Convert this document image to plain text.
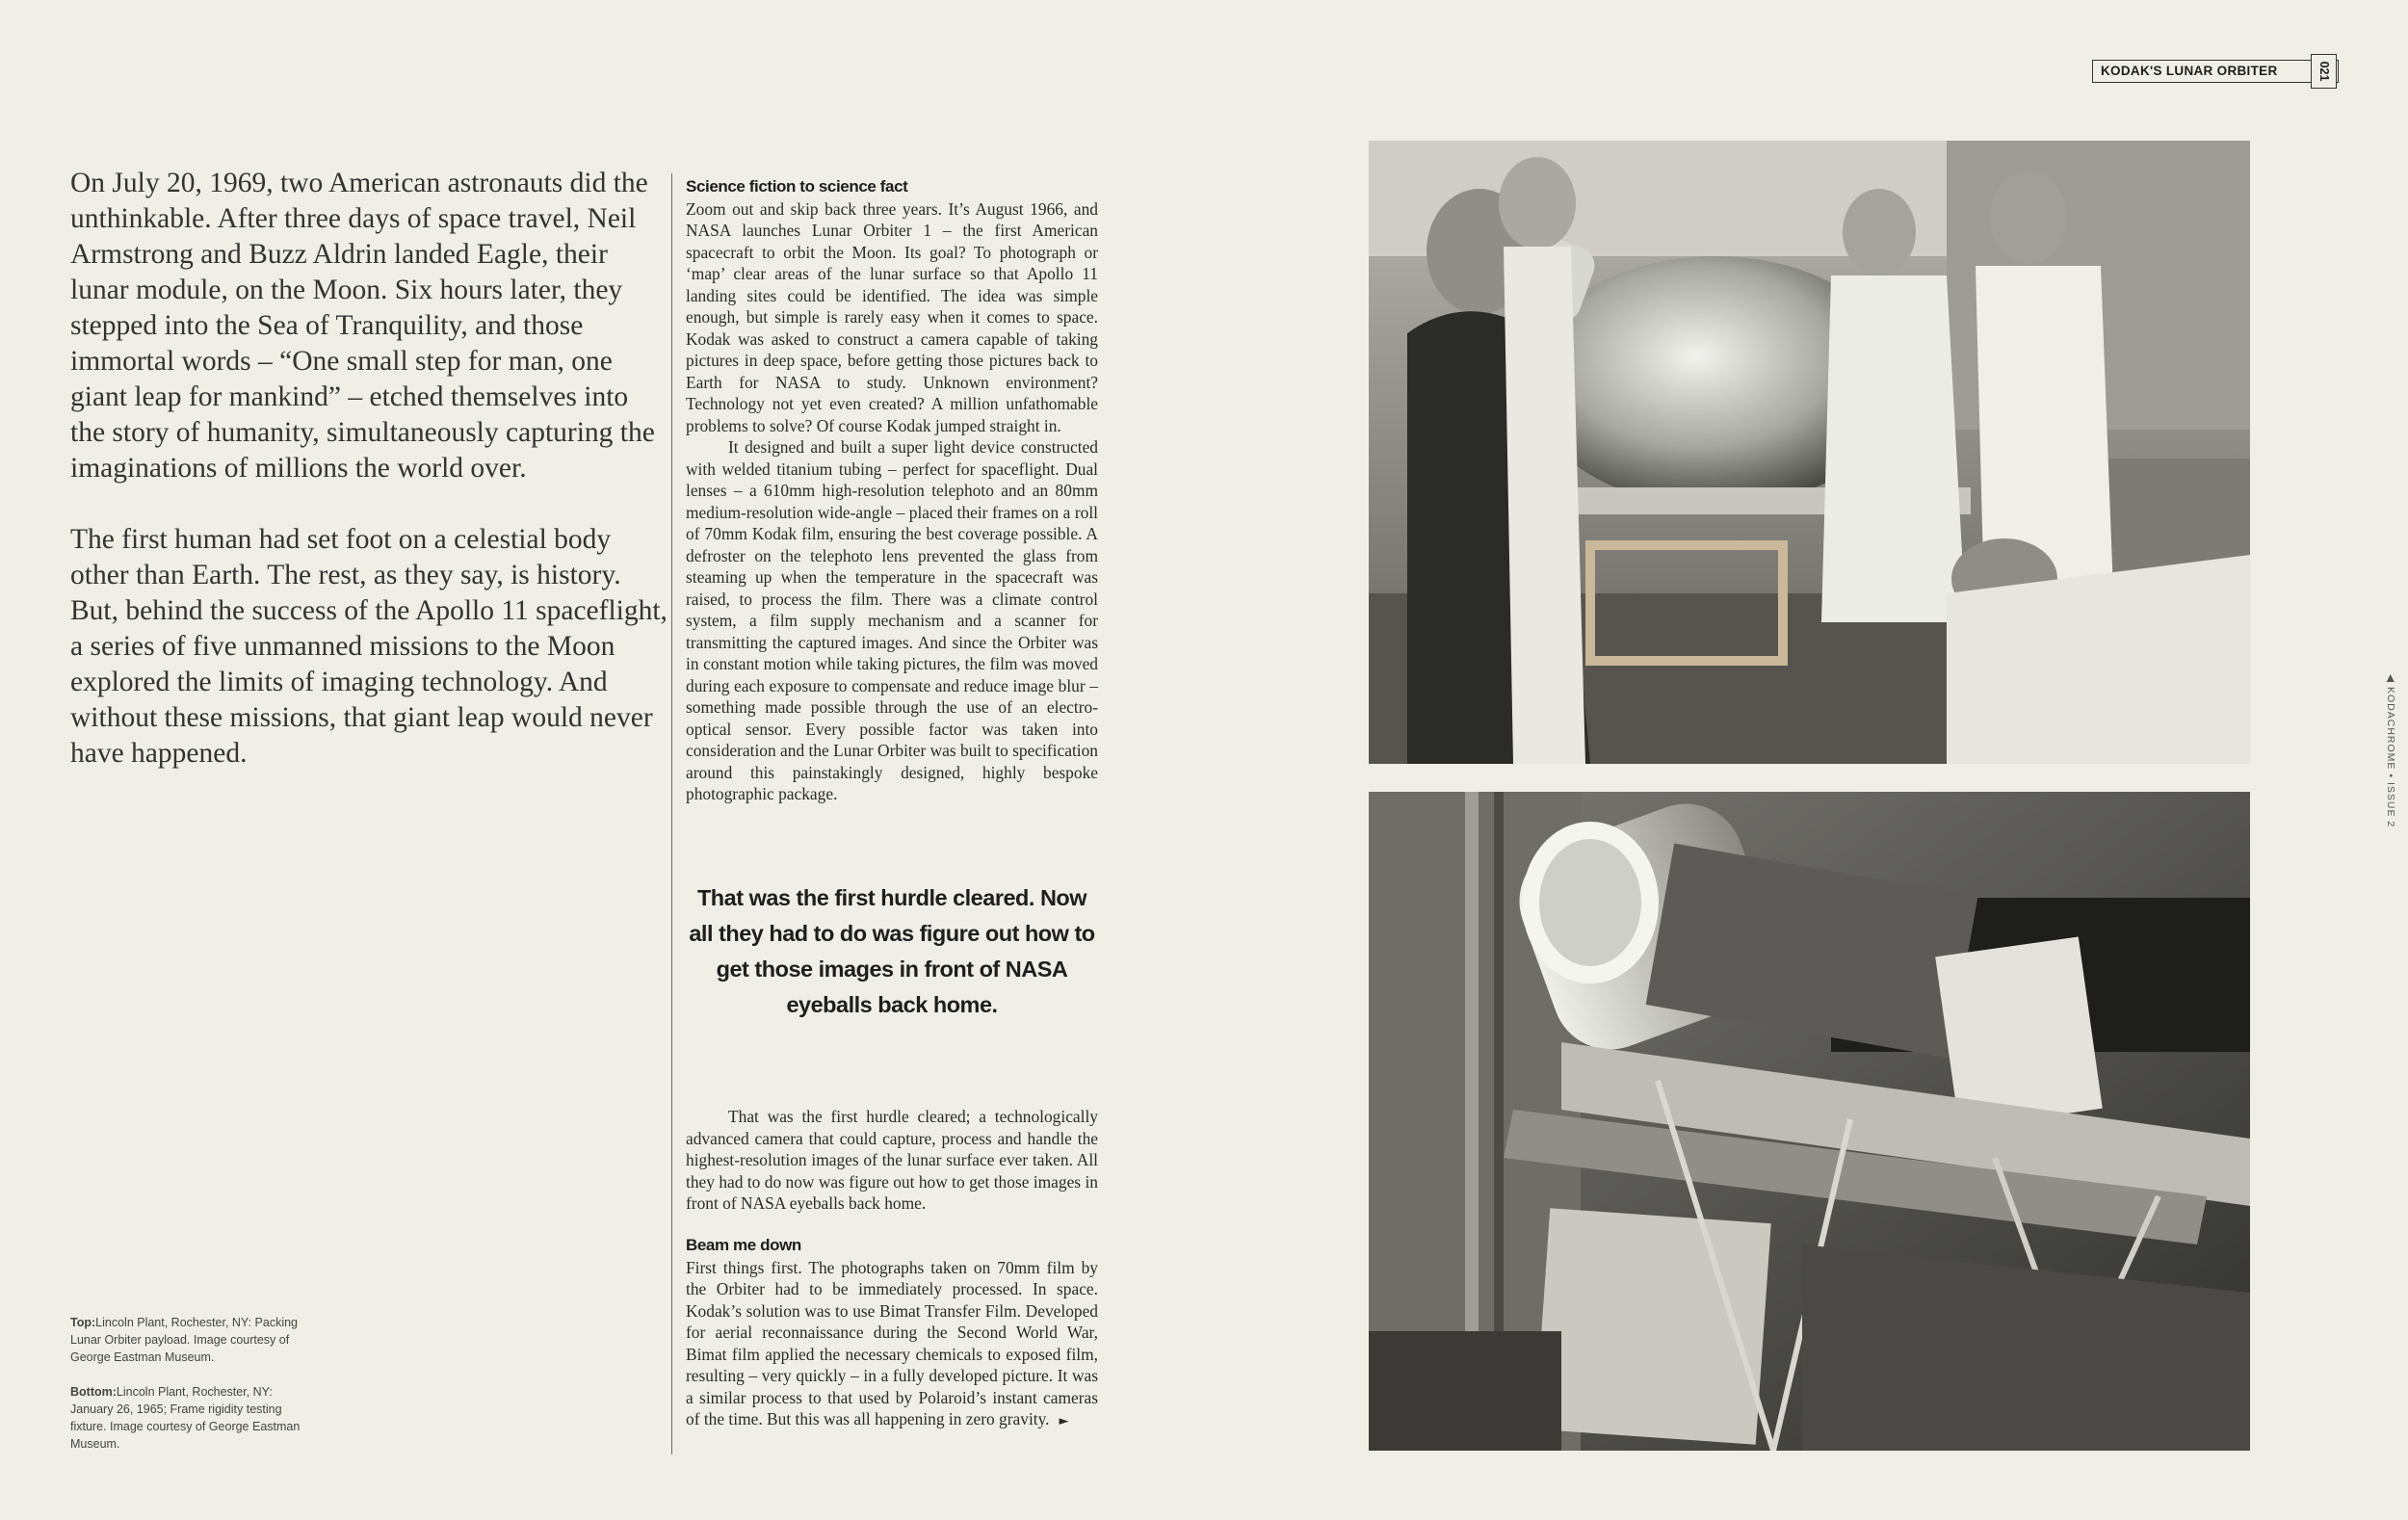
On July 20, 1969, two American astronauts did the unthinkable. After three days of space travel, Neil Armstrong and Buzz Aldrin landed Eagle, their lunar module, on the Moon. Six hours later, they stepped into the Sea of Tranquility, and those immortal words – “One small step for man, one giant leap for mankind” – etched themselves into the story of humanity, simultaneously capturing the imaginations of millions the world over.

The first human had set foot on a celestial body other than Earth. The rest, as they say, is history. But, behind the success of the Apollo 11 spaceflight, a series of five unmanned missions to the Moon explored the limits of imaging technology. And without these missions, that giant leap would never have happened.

Top:Lincoln Plant, Rochester, NY: Packing Lunar Orbiter payload. Image courtesy of George Eastman Museum.

Bottom:Lincoln Plant, Rochester, NY: January 26, 1965; Frame rigidity testing fixture. Image courtesy of George Eastman Museum.

Science fiction to science fact

Zoom out and skip back three years. It’s August 1966, and NASA launches Lunar Orbiter 1 – the first American spacecraft to orbit the Moon. Its goal? To photograph or ‘map’ clear areas of the lunar surface so that Apollo 11 landing sites could be identified. The idea was simple enough, but simple is rarely easy when it comes to space. Kodak was asked to construct a camera capable of taking pictures in deep space, before getting those pictures back to Earth for NASA to study. Unknown environment? Technology not yet even created? A million unfathomable problems to solve? Of course Kodak jumped straight in.

It designed and built a super light device constructed with welded titanium tubing – perfect for spaceflight. Dual lenses – a 610mm high-resolution telephoto and an 80mm medium-resolution wide-angle – placed their frames on a roll of 70mm Kodak film, ensuring the best coverage possible. A defroster on the telephoto lens prevented the glass from steaming up when the temperature in the spacecraft was raised, to process the film. There was a climate control system, a film supply mechanism and a scanner for transmitting the captured images. And since the Orbiter was in constant motion while taking pictures, the film was moved during each exposure to compensate and reduce image blur – something made possible through the use of an electro-optical sensor. Every possible factor was taken into consideration and the Lunar Orbiter was built to specification around this painstakingly designed, highly bespoke photographic package.

That was the first hurdle cleared. Now all they had to do was figure out how to get those images in front of NASA eyeballs back home.

That was the first hurdle cleared; a technologically advanced camera that could capture, process and handle the highest-resolution images of the lunar surface ever taken. All they had to do now was figure out how to get those images in front of NASA eyeballs back home.

Beam me down

First things first. The photographs taken on 70mm film by the Orbiter had to be immediately processed. In space. Kodak’s solution was to use Bimat Transfer Film. Developed for aerial reconnaissance during the Second World War, Bimat film applied the necessary chemicals to exposed film, resulting – very quickly – in a fully developed picture. It was a similar process to that used by Polaroid’s instant cameras of the time. But this was all happening in zero gravity. ►

KODAK'S LUNAR ORBITER	021
◀ KODACHROME • ISSUE 2
